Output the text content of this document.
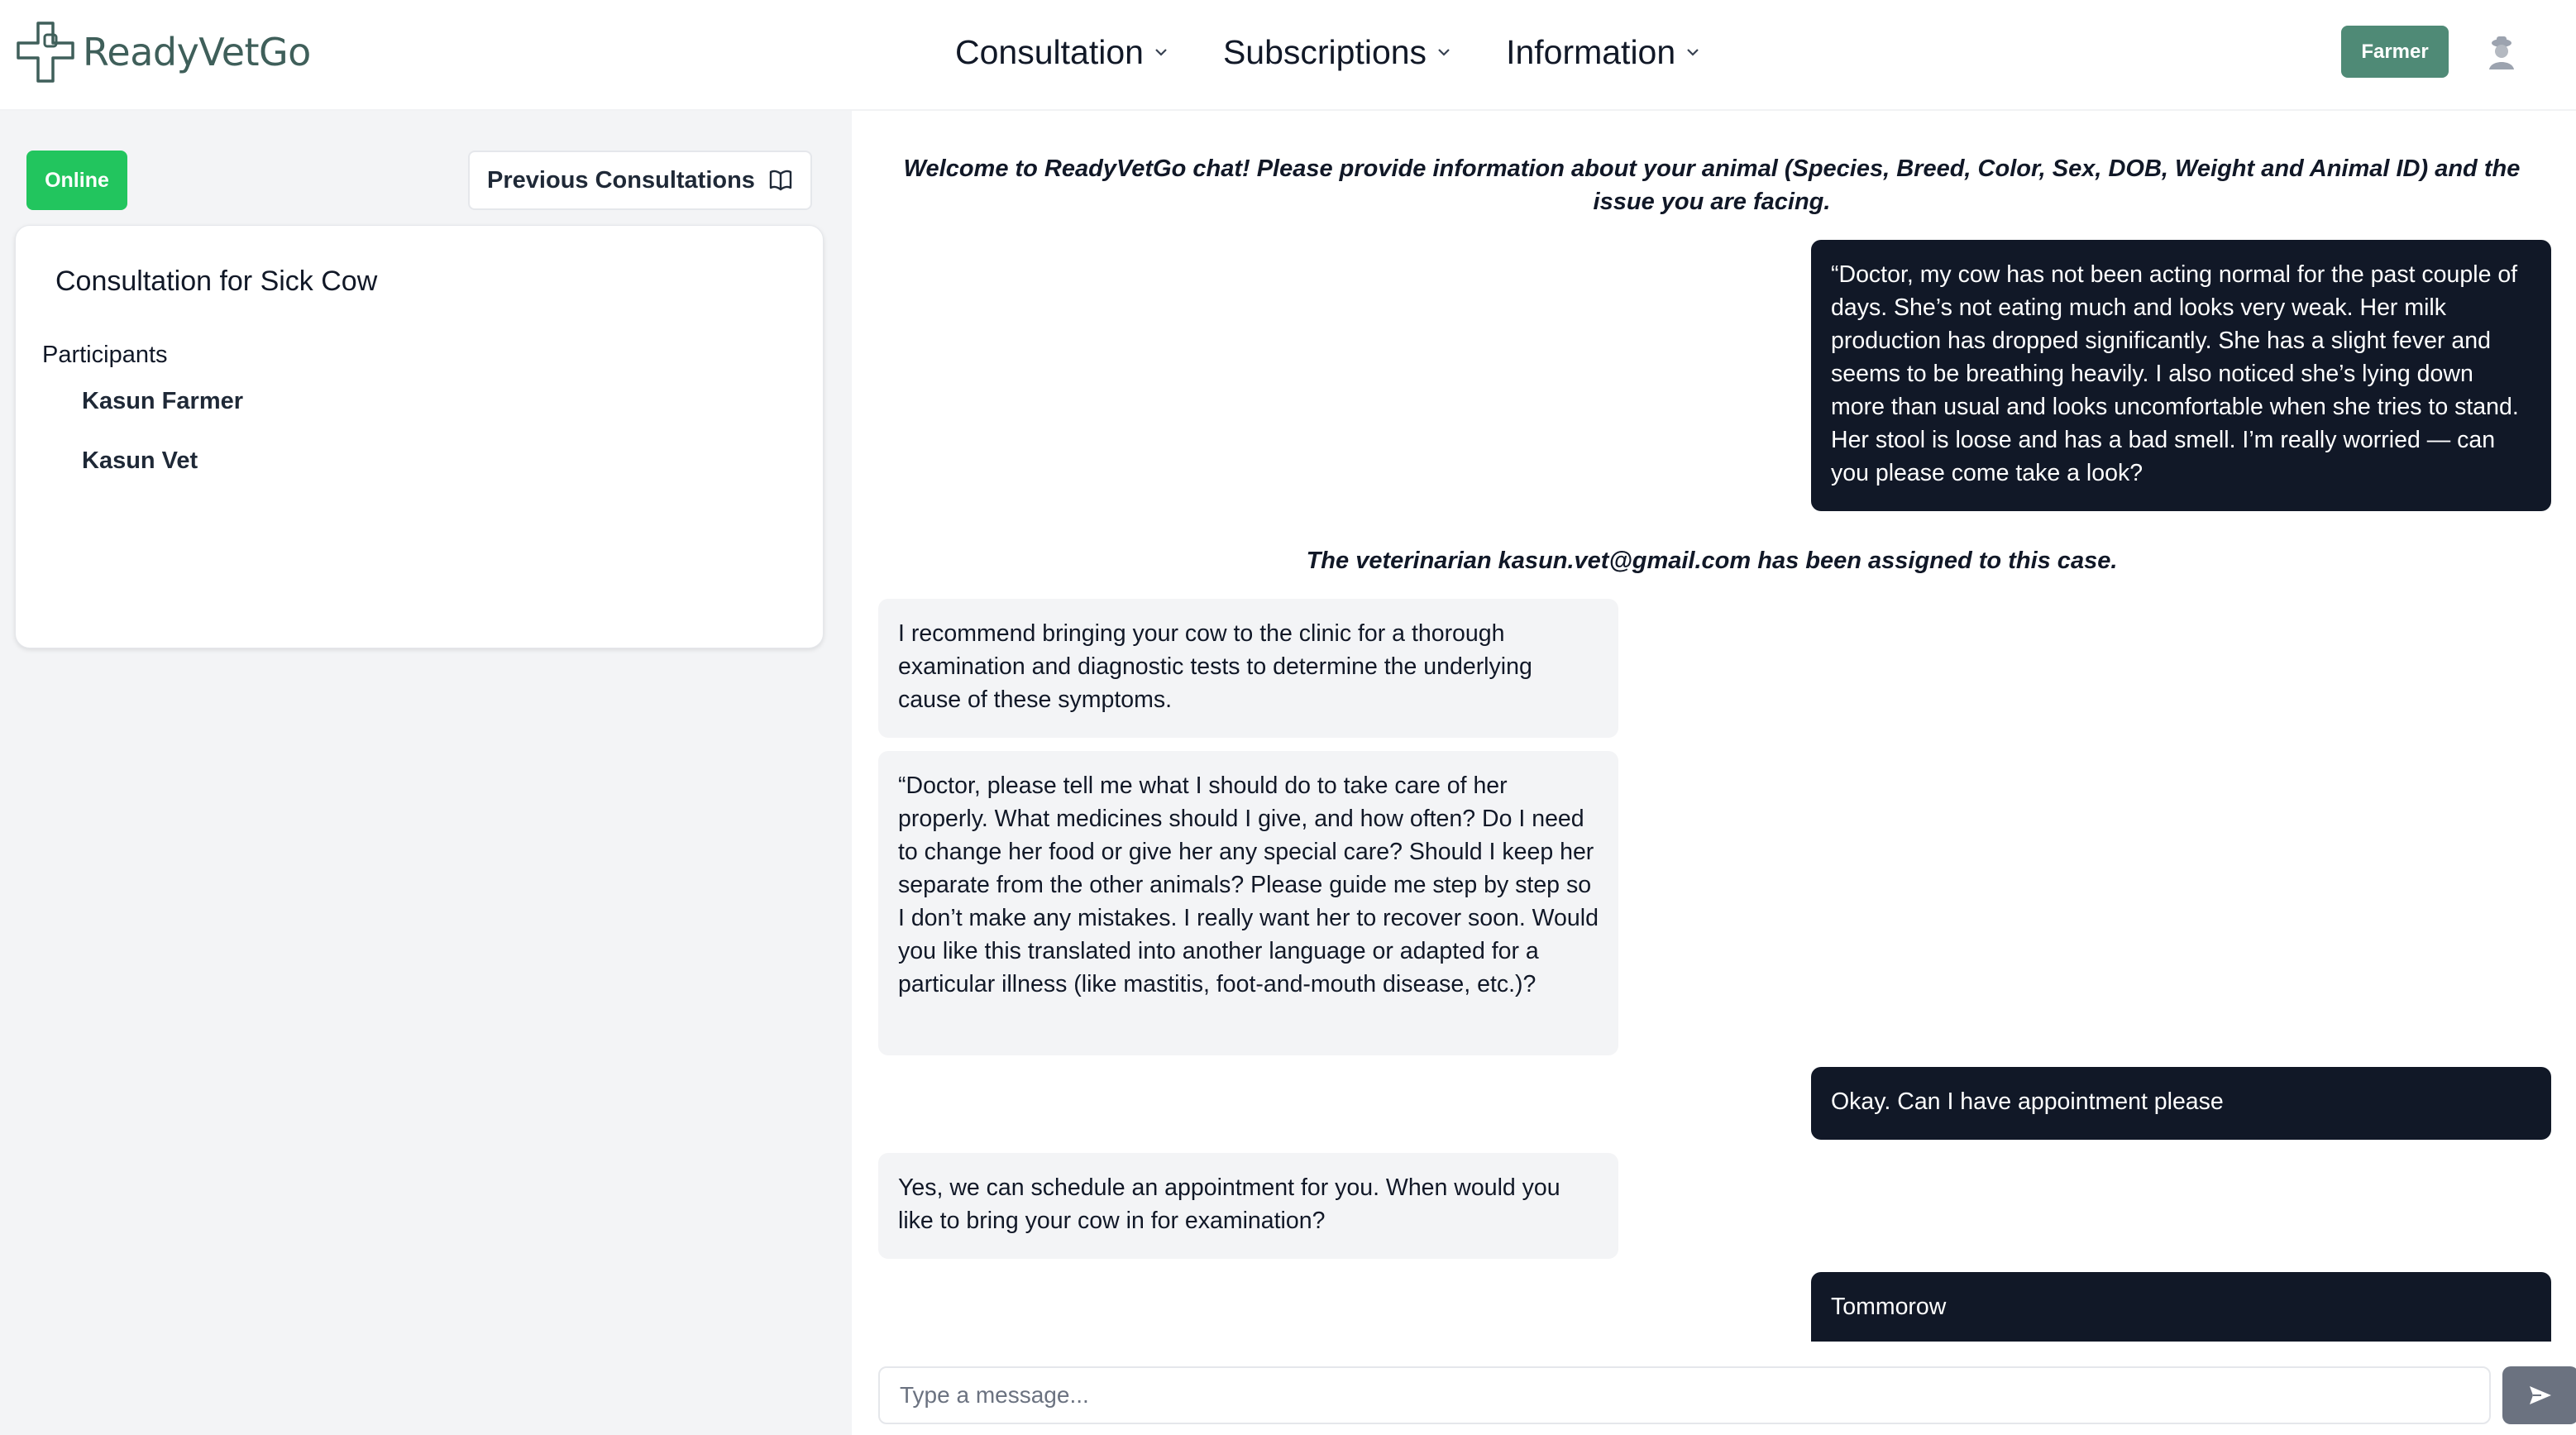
ReadyVetGo	Consultation Subscriptions Information	Farmer
Online	Previous Consultations
Consultation for Sick Cow
Participants
Kasun Farmer
Kasun Vet
Welcome to ReadyVetGo chat! Please provide information about your animal (Species, Breed, Color, Sex, DOB, Weight and Animal ID) and the issue you are facing.
“Doctor, my cow has not been acting normal for the past couple of days. She’s not eating much and looks very weak. Her milk production has dropped significantly. She has a slight fever and seems to be breathing heavily. I also noticed she’s lying down more than usual and looks uncomfortable when she tries to stand. Her stool is loose and has a bad smell. I’m really worried — can you please come take a look?
The veterinarian kasun.vet@gmail.com has been assigned to this case.
I recommend bringing your cow to the clinic for a thorough examination and diagnostic tests to determine the underlying cause of these symptoms.
“Doctor, please tell me what I should do to take care of her properly. What medicines should I give, and how often? Do I need to change her food or give her any special care? Should I keep her separate from the other animals? Please guide me step by step so I don’t make any mistakes. I really want her to recover soon. Would you like this translated into another language or adapted for a particular illness (like mastitis, foot-and-mouth disease, etc.)?
Okay. Can I have appointment please
Yes, we can schedule an appointment for you. When would you like to bring your cow in for examination?
Tommorow
Type a message...
